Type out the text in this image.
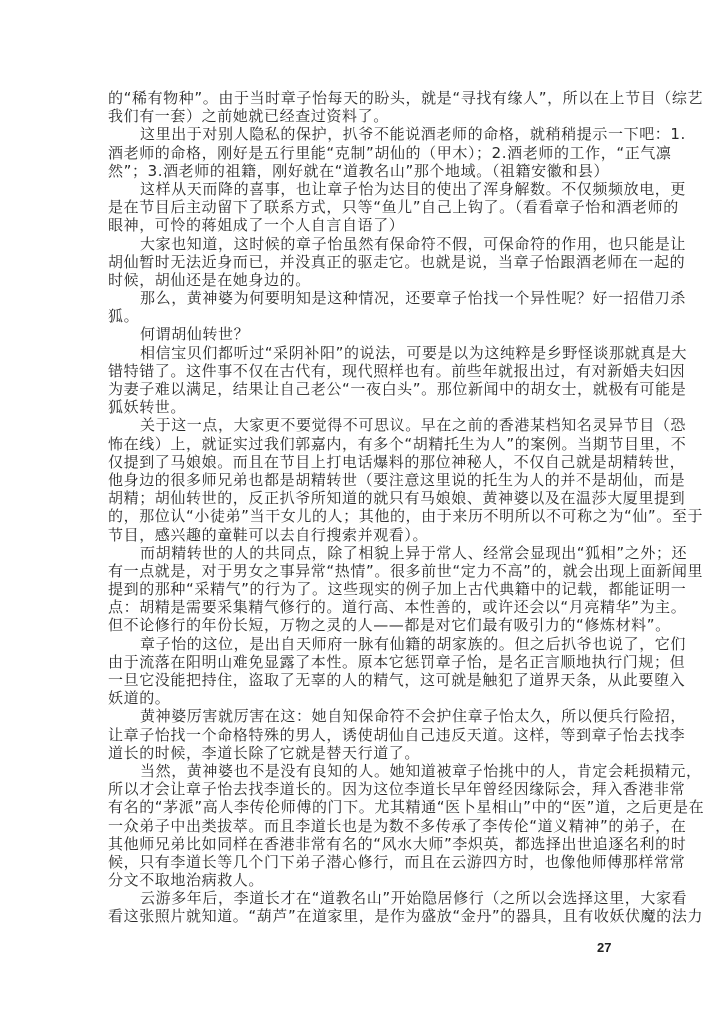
的“稀有物种”。由于当时章子怡每天的盼头，就是“寻找有缘人”，所以在上节目（综艺
我们有一套）之前她就已经查过资料了。
这里出于对别人隐私的保护，扒爷不能说酒老师的命格，就稍稍提示一下吧：1.
酒老师的命格，刚好是五行里能“克制”胡仙的（甲木）；2.酒老师的工作，“正气凛
然”；3.酒老师的祖籍，刚好就在“道教名山”那个地域。（祖籍安徽和县）
这样从天而降的喜事，也让章子怡为达目的使出了浑身解数。不仅频频放电，更
是在节目后主动留下了联系方式，只等“鱼儿”自己上钩了。（看看章子怡和酒老师的
眼神，可怜的蒋姐成了一个人自言自语了）
大家也知道，这时候的章子怡虽然有保命符不假，可保命符的作用，也只能是让
胡仙暂时无法近身而已，并没真正的驱走它。也就是说，当章子怡跟酒老师在一起的
时候，胡仙还是在她身边的。
那么，黄神婆为何要明知是这种情况，还要章子怡找一个异性呢？好一招借刀杀
狐。
何谓胡仙转世？
相信宝贝们都听过“采阴补阳”的说法，可要是以为这纯粹是乡野怪谈那就真是大
错特错了。这件事不仅在古代有，现代照样也有。前些年就报出过，有对新婚夫妇因
为妻子难以满足，结果让自己老公“一夜白头”。那位新闻中的胡女士，就极有可能是
狐妖转世。
关于这一点，大家更不要觉得不可思议。早在之前的香港某档知名灵异节目（恐
怖在线）上，就证实过我们郭嘉内，有多个“胡精托生为人”的案例。当期节目里，不
仅提到了马娘娘。而且在节目上打电话爆料的那位神秘人，不仅自己就是胡精转世，
他身边的很多师兄弟也都是胡精转世（要注意这里说的托生为人的并不是胡仙，而是
胡精；胡仙转世的，反正扒爷所知道的就只有马娘娘、黄神婆以及在温莎大厦里提到
的，那位认“小徒弟”当干女儿的人；其他的，由于来历不明所以不可称之为“仙”。至于
节目，感兴趣的童鞋可以去自行搜索并观看）。
而胡精转世的人的共同点，除了相貌上异于常人、经常会显现出“狐相”之外；还
有一点就是，对于男女之事异常“热情”。很多前世“定力不高”的，就会出现上面新闻里
提到的那种“采精气”的行为了。这些现实的例子加上古代典籍中的记载，都能证明一
点：胡精是需要采集精气修行的。道行高、本性善的，或许还会以“月亮精华”为主。
但不论修行的年份长短，万物之灵的人——都是对它们最有吸引力的“修炼材料”。
章子怡的这位，是出自天师府一脉有仙籍的胡家族的。但之后扒爷也说了，它们
由于流落在阳明山难免显露了本性。原本它惩罚章子怡，是名正言顺地执行门规；但
一旦它没能把持住，盗取了无辜的人的精气，这可就是触犯了道界天条，从此要堕入
妖道的。
黄神婆厉害就厉害在这：她自知保命符不会护住章子怡太久，所以便兵行险招，
让章子怡找一个命格特殊的男人，诱使胡仙自己违反天道。这样，等到章子怡去找李
道长的时候，李道长除了它就是替天行道了。
当然，黄神婆也不是没有良知的人。她知道被章子怡挑中的人，肯定会耗损精元，
所以才会让章子怡去找李道长的。因为这位李道长早年曾经因缘际会，拜入香港非常
有名的“茅派”高人李传伦师傅的门下。尤其精通“医卜星相山”中的“医”道，之后更是在
一众弟子中出类拔萃。而且李道长也是为数不多传承了李传伦“道义精神”的弟子，在
其他师兄弟比如同样在香港非常有名的“风水大师”李炽英，都选择出世追逐名利的时
候，只有李道长等几个门下弟子潜心修行，而且在云游四方时，也像他师傅那样常常
分文不取地治病救人。
云游多年后，李道长才在“道教名山”开始隐居修行（之所以会选择这里，大家看
看这张照片就知道。“葫芦”在道家里，是作为盛放“金丹”的器具，且有收妖伏魔的法力
27
